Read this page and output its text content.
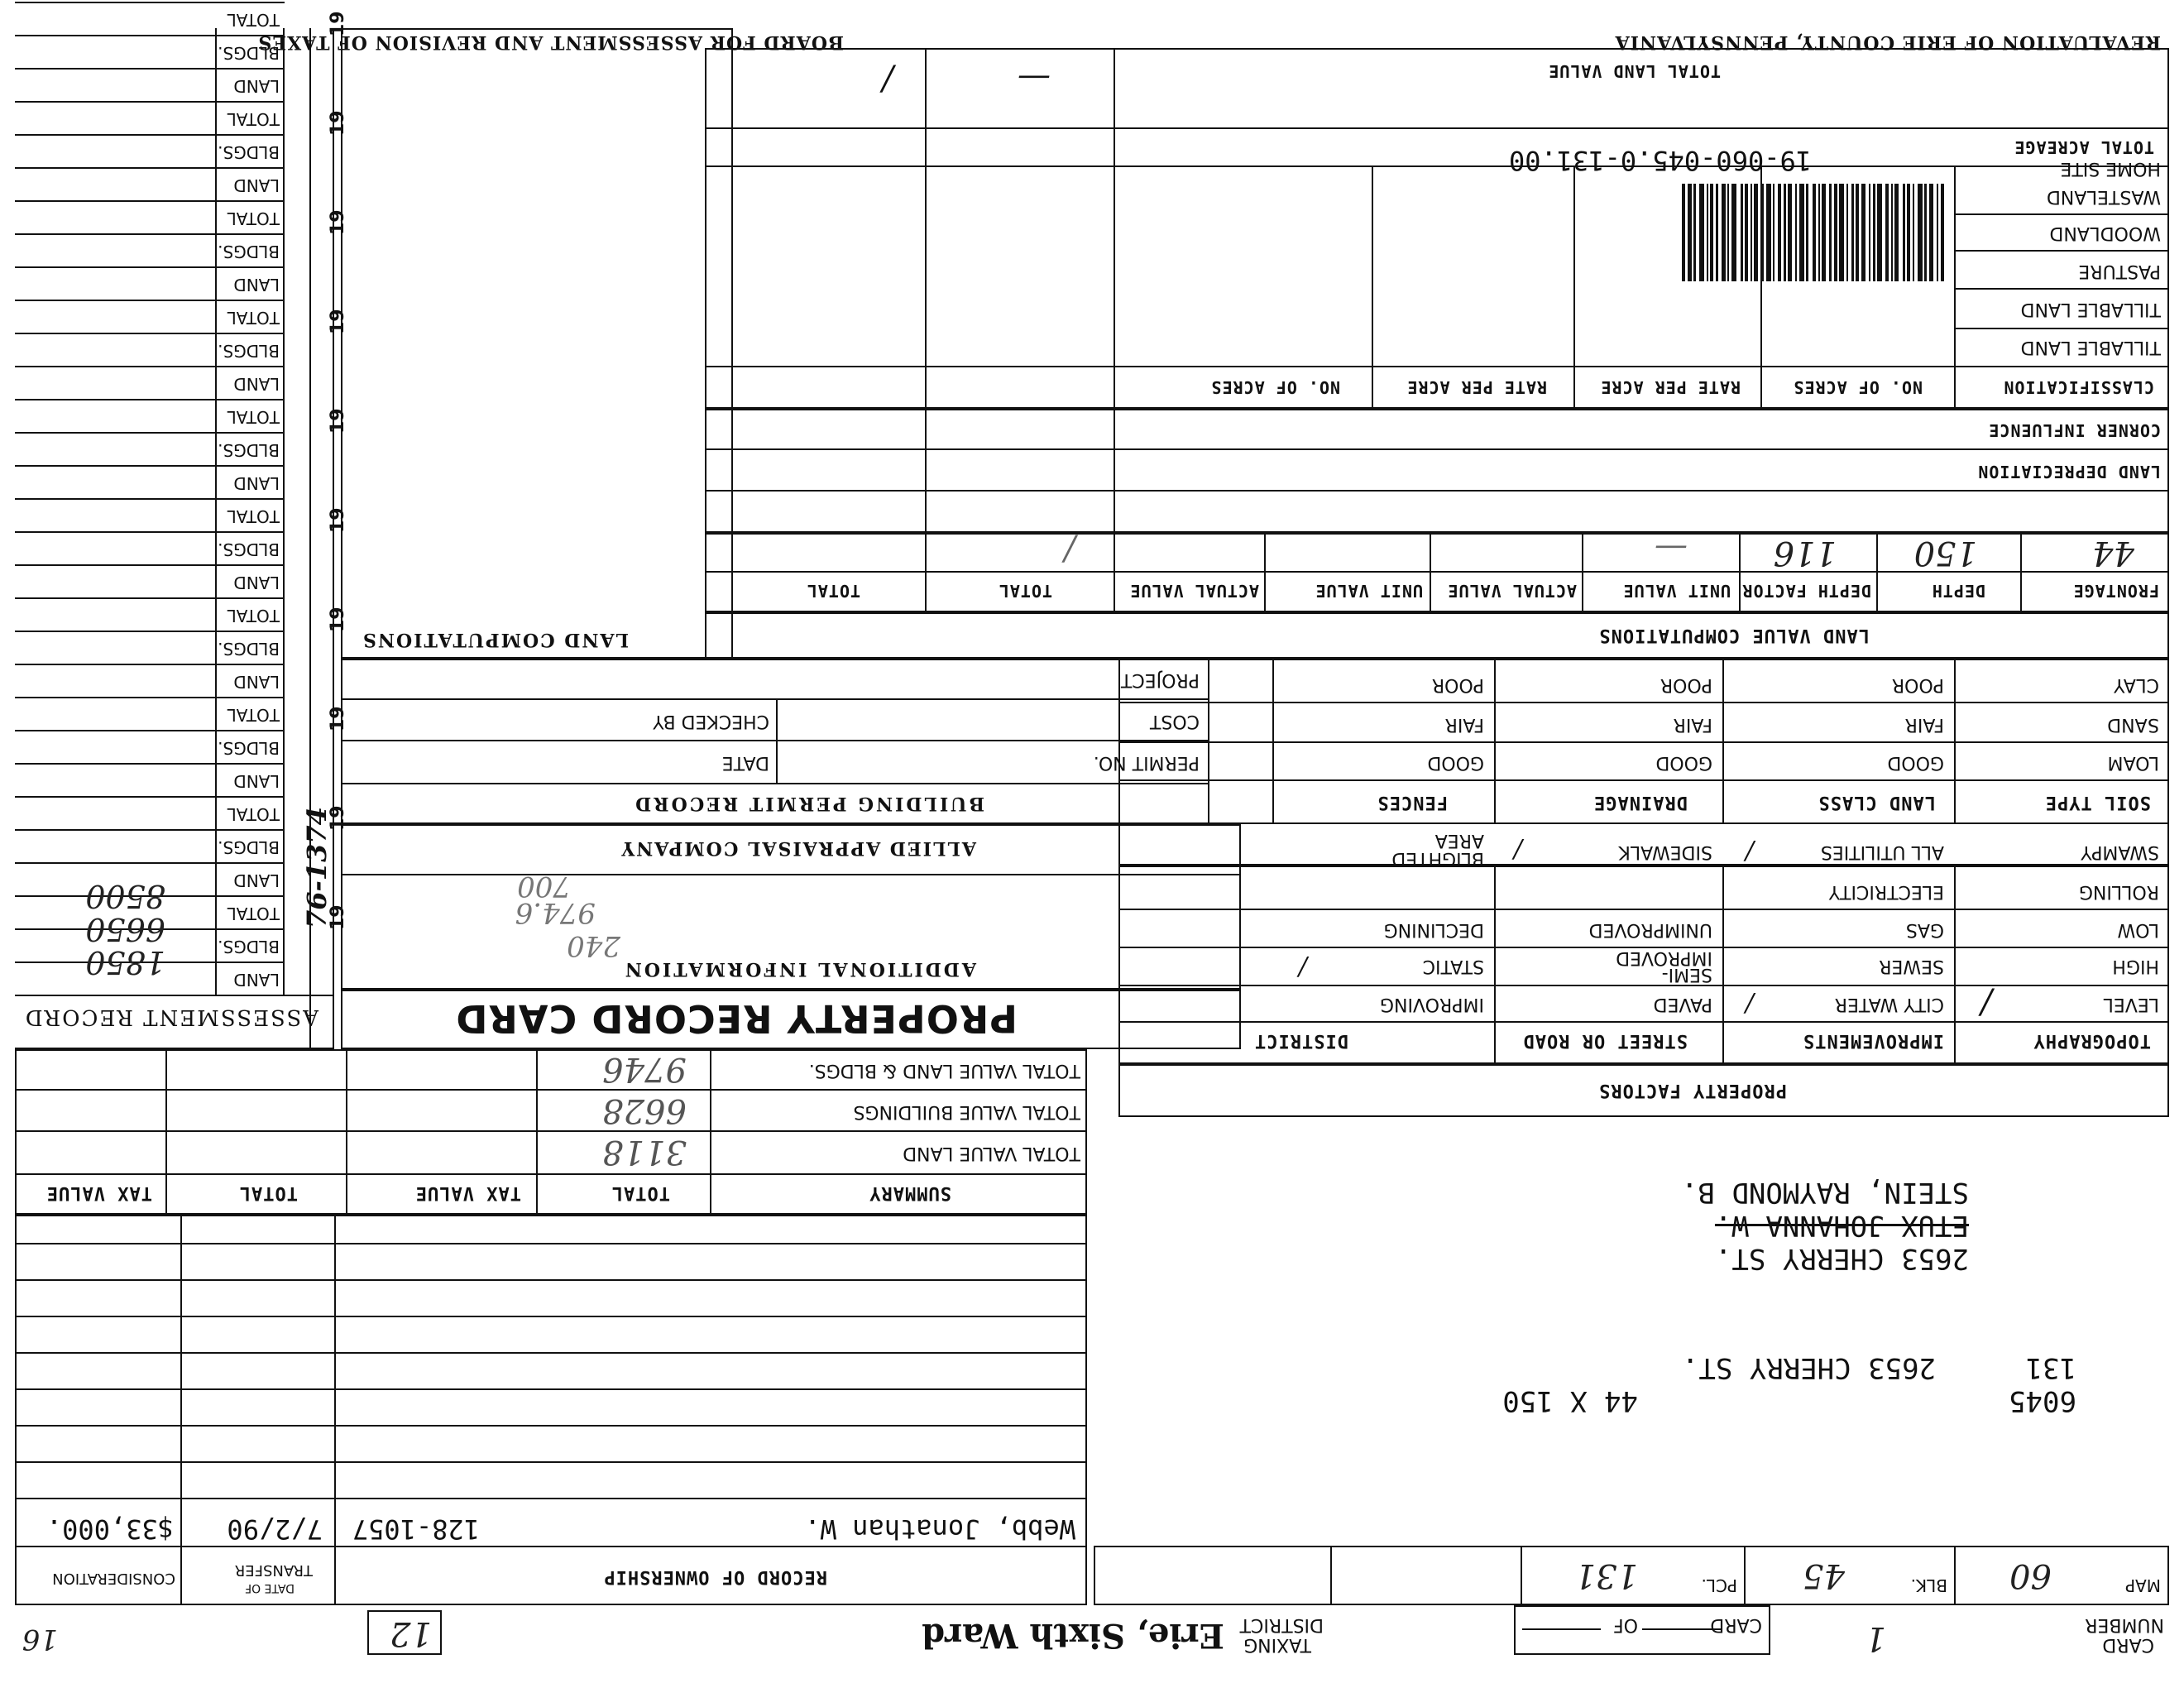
REVALUATION OF ERIE COUNTY, PENNSYLVANIA
BOARD FOR ASSESSMENT AND REVISION OF TAXES
CARD
NUMBER
1
CARD
OF
TAXING
DISTRICT
Erie, Sixth Ward
12
16
MAP
60
BLK.
45
PCL.
131
6045
131
2653 CHERRY ST.
44 X 150
2653 CHERRY ST.
ETUX JOHANNA W.
STEIN, RAYMOND B.
PROPERTY FACTORS
TOPOGRAPHY
IMPROVEMENTS
STREET OR ROAD
DISTRICT
LEVEL
HIGH
LOW
ROLLING
SWAMPY
CITY WATER
SEWER
GAS
ELECTRICITY
ALL UTILITIES
PAVED
SEMI-
IMPROVED
UNIMPROVED
SIDEWALK
IMPROVING
STATIC
DECLINING
BLIGHTED
AREA
/
/
/
/
/
SOIL TYPE
LAND CLASS
DRAINAGE
FENCES
LOAM
SAND
CLAY
GOOD
FAIR
POOR
GOOD
FAIR
POOR
GOOD
FAIR
POOR
LAND VALUE COMPUTATIONS
FRONTAGE
DEPTH
DEPTH FACTOR
UNIT VALUE
ACTUAL VALUE
UNIT VALUE
ACTUAL VALUE
TOTAL
TOTAL
44
150
116
—
/
LAND DEPRECIATION
CORNER INFLUENCE
CLASSIFICATION
NO. OF ACRES
RATE PER ACRE
NO. OF ACRES	RATE PER ACRE
TILLABLE LAND
TILLABLE LAND
PASTURE
WOODLAND
WASTELAND
HOME SITE
TOTAL ACREAGE
TOTAL LAND VALUE
—
/
19-060-045.0-131.00
RECORD OF OWNERSHIP
DATE OF
TRANSFER
CONSIDERATION
Webb, Jonathan W.
128-1057
7/2/90
$33,000.
SUMMARY
TOTAL
TAX VALUE
TOTAL
TAX VALUE
TOTAL VALUE LAND
TOTAL VALUE BUILDINGS
TOTAL VALUE LAND & BLDGS.
3118
6628
9746
PROPERTY RECORD CARD
ASSESSMENT RECORD
ADDITIONAL INFORMATION
240
974.6
700
ALLIED APPRAISAL COMPANY
BUILDING PERMIT RECORD
PERMIT NO.
DATE
COST
CHECKED BY
PROJECT
LAND COMPUTATIONS
19
LAND
BLDGS.
TOTAL
19
LAND
BLDGS.
TOTAL
19
LAND
BLDGS.
TOTAL
19
LAND
BLDGS.
TOTAL
19
LAND
BLDGS.
TOTAL
19
LAND
BLDGS.
TOTAL
19
LAND
BLDGS.
TOTAL
19
LAND
BLDGS.
TOTAL
19
LAND
BLDGS.
TOTAL
19
LAND
BLDGS.
TOTAL
76-1374
1850
6650
8500
